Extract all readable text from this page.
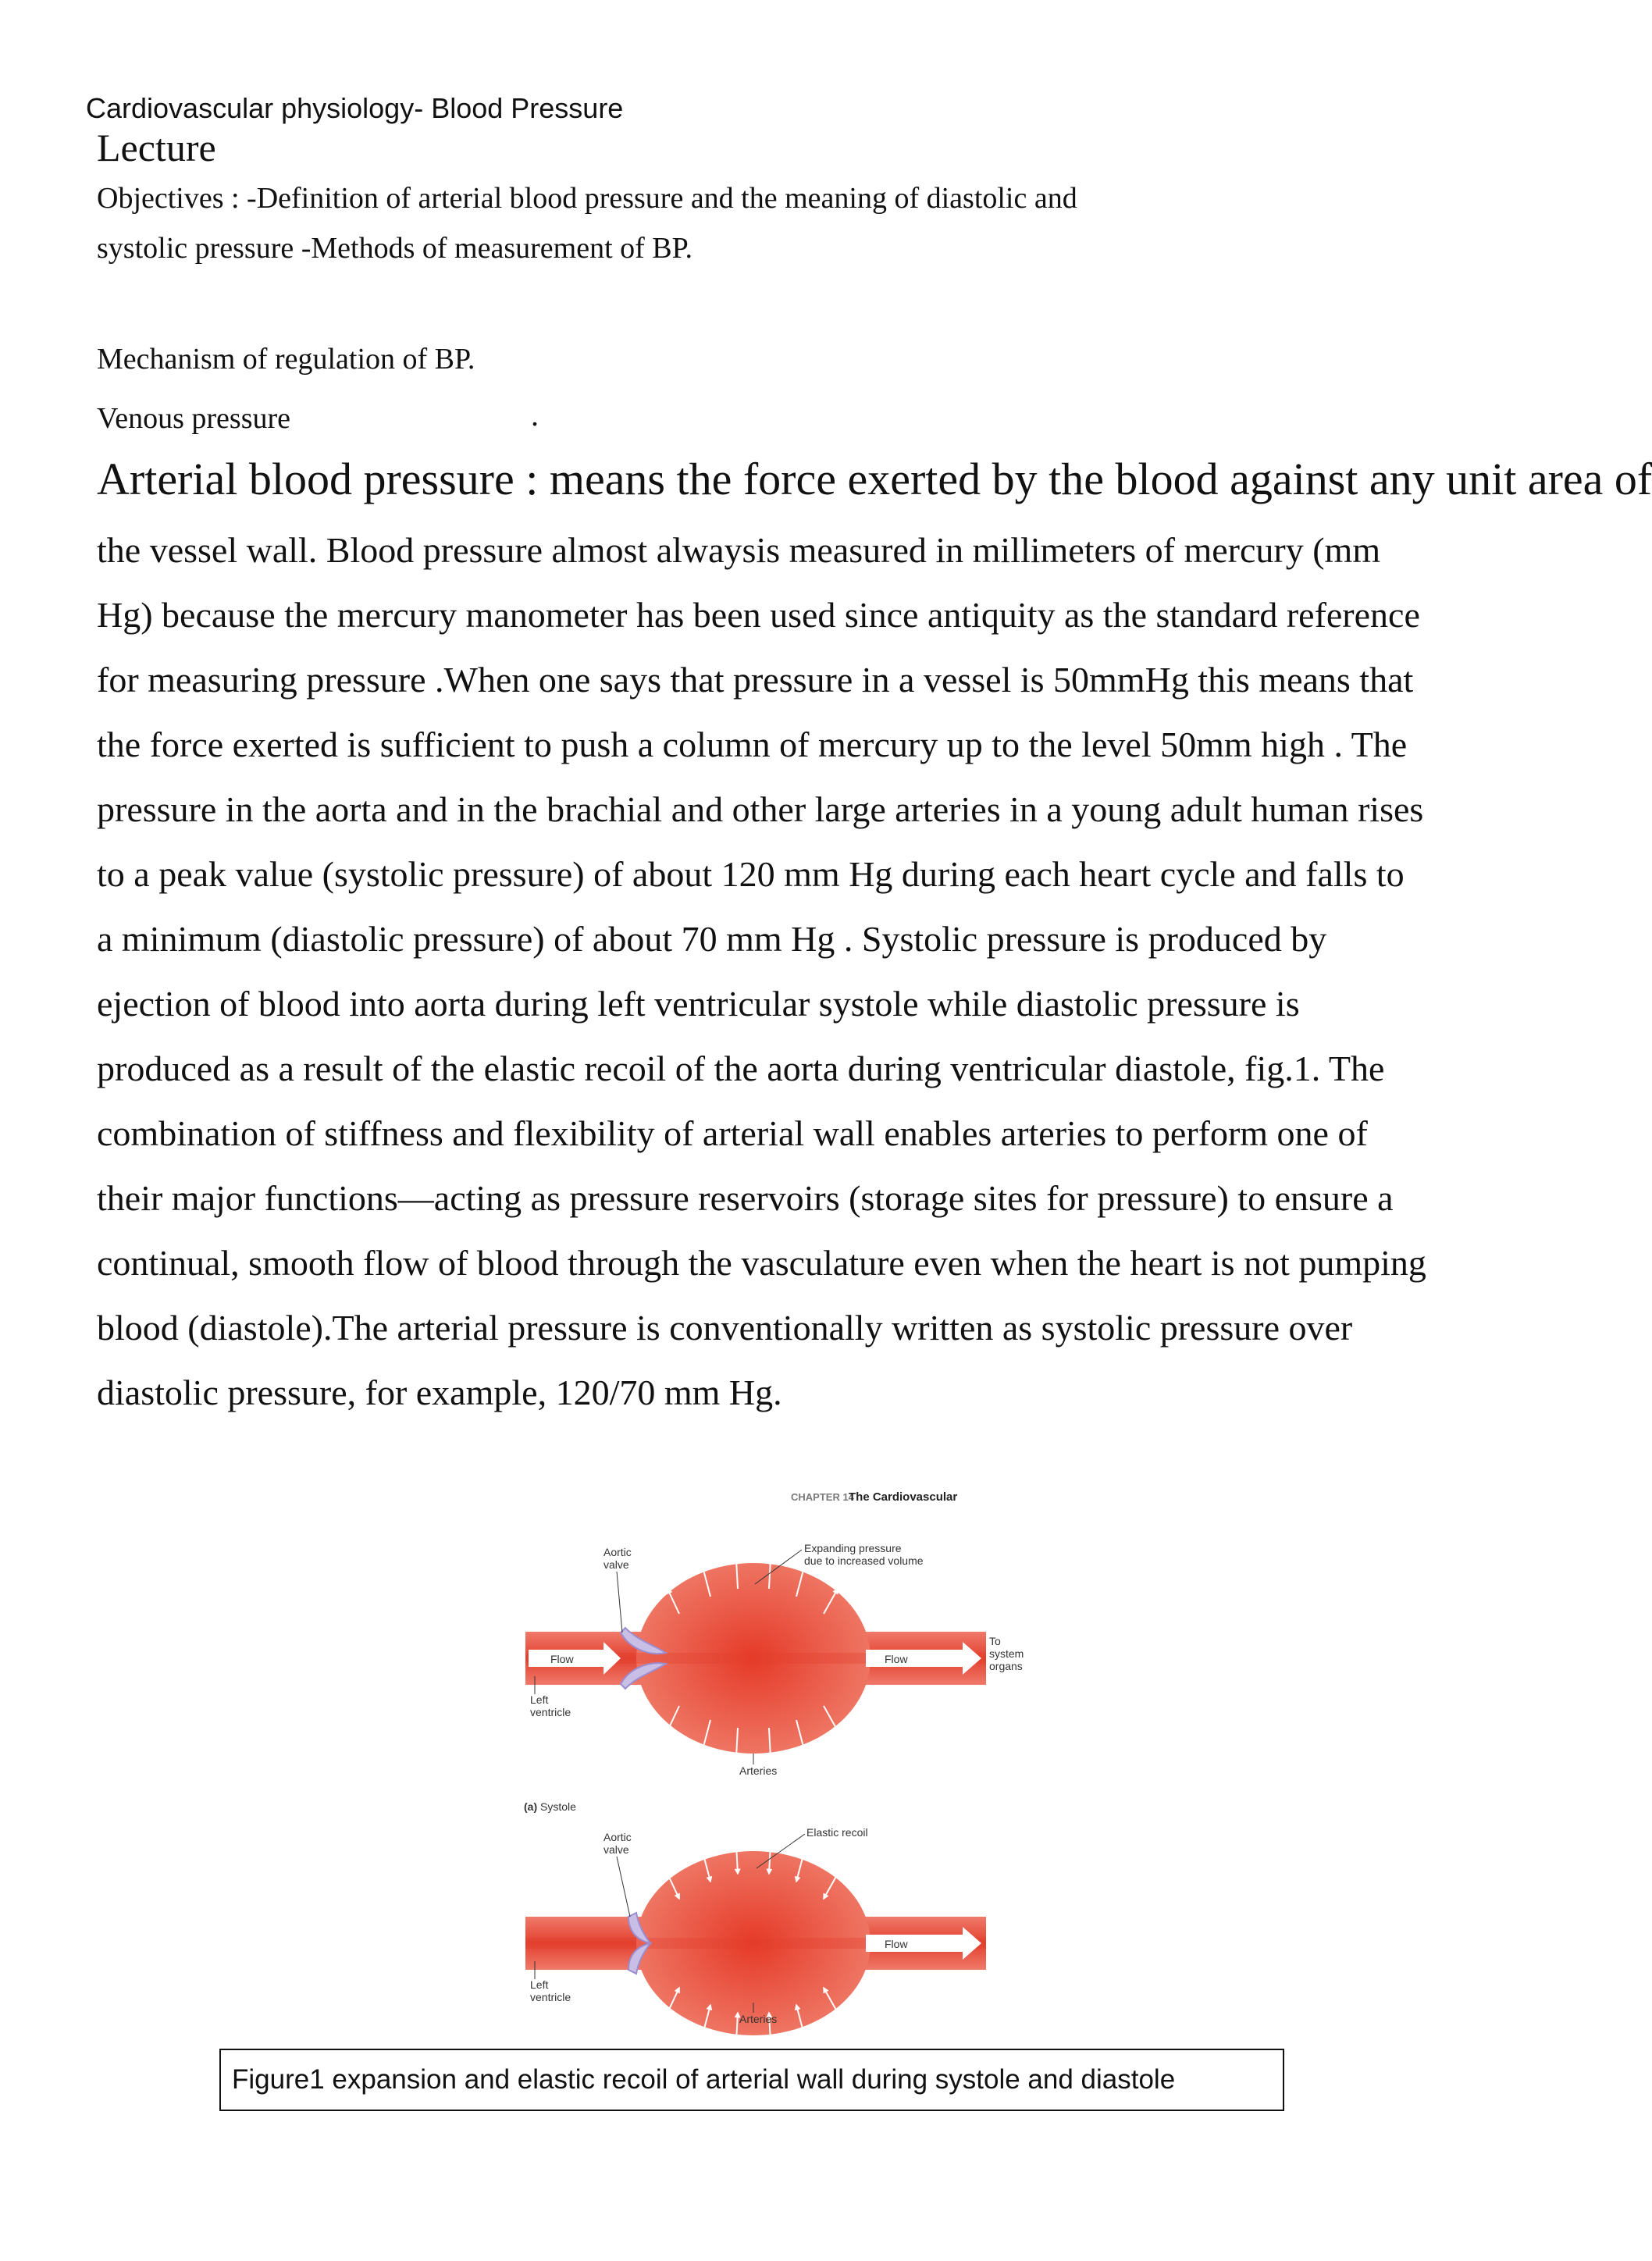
Cardiovascular physiology- Blood Pressure
Lecture
Objectives : -Definition of arterial blood pressure and the meaning of diastolic and
systolic pressure -Methods of measurement of BP.
Mechanism of regulation of BP.
Venous pressure	.
Arterial blood pressure : means the force exerted by the blood against any unit area of
the vessel wall. Blood pressure almost alwaysis measured in millimeters of mercury (mm
Hg) because the mercury manometer has been used since antiquity as the standard reference
for measuring pressure .When one says that pressure in a vessel is 50mmHg this means that
the force exerted is sufficient to push a column of mercury up to the level 50mm high . The
pressure in the aorta and in the brachial and other large arteries in a young adult human rises
to a peak value (systolic pressure) of about 120 mm Hg during each heart cycle and falls to
a minimum (diastolic pressure) of about 70 mm Hg . Systolic pressure is produced by
ejection of blood into aorta during left ventricular systole while diastolic pressure is
produced as a result of the elastic recoil of the aorta during ventricular diastole, fig.1. The
combination of stiffness and flexibility of arterial wall enables arteries to perform one of
their major functions—acting as pressure reservoirs (storage sites for pressure) to ensure a
continual, smooth flow of blood through the vasculature even when the heart is not pumping
blood (diastole).The arterial pressure is conventionally written as systolic pressure over
diastolic pressure, for example, 120/70 mm Hg.
CHAPTER 14
The Cardiovascular
Flow	Flow
Aortic valve
Expanding pressure due to increased volume
To system organs
Left ventricle
Arteries
(a) Systole
Flow
Aortic valve
Elastic recoil
Left ventricle
Arteries
Figure1 expansion and elastic recoil of arterial wall during systole and diastole
